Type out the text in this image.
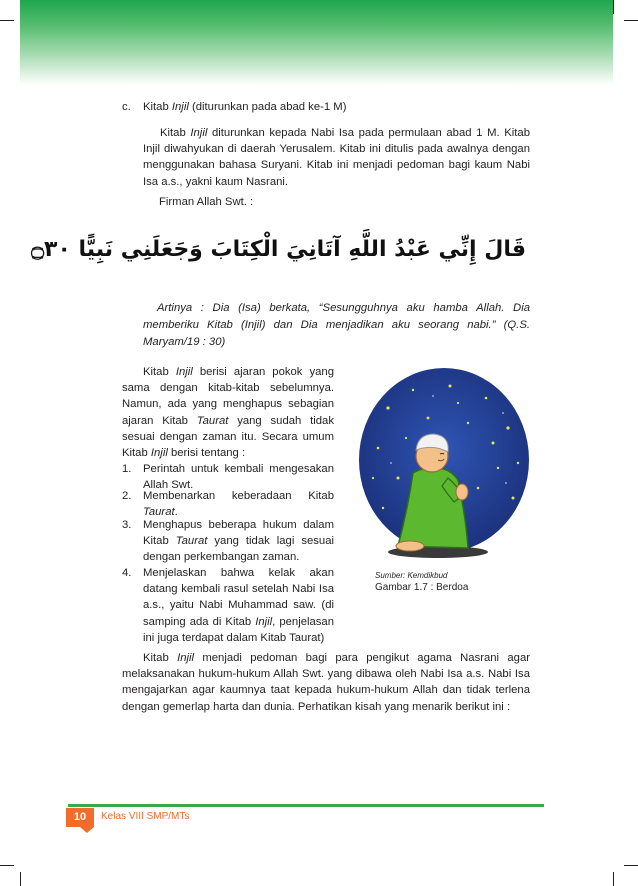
c. Kitab Injil (diturunkan pada abad ke-1 M)
Kitab Injil diturunkan kepada Nabi Isa pada permulaan abad 1 M. Kitab Injil diwahyukan di daerah Yerusalem. Kitab ini ditulis pada awalnya dengan menggunakan bahasa Suryani. Kitab ini menjadi pedoman bagi kaum Nabi Isa a.s., yakni kaum Nasrani.
Firman Allah Swt. :
قَالَ إِنِّي عَبْدُ اللَّهِ آتَانِيَ الْكِتَابَ وَجَعَلَنِي نَبِيًّا ۝٣٠
Artinya : Dia (Isa) berkata, “Sesungguhnya aku hamba Allah. Dia memberiku Kitab (Injil) dan Dia menjadikan aku seorang nabi.” (Q.S. Maryam/19 : 30)
Kitab Injil berisi ajaran pokok yang sama dengan kitab-kitab sebelumnya. Namun, ada yang menghapus sebagian ajaran Kitab Taurat yang sudah tidak sesuai dengan zaman itu. Secara umum Kitab Injil berisi tentang :
1. Perintah untuk kembali mengesakan Allah Swt.
2. Membenarkan keberadaan Kitab Taurat.
3. Menghapus beberapa hukum dalam Kitab Taurat yang tidak lagi sesuai dengan perkembangan zaman.
4. Menjelaskan bahwa kelak akan datang kembali rasul setelah Nabi Isa a.s., yaitu Nabi Muhammad saw. (di samping ada di Kitab Injil, penjelasan ini juga terdapat dalam Kitab Taurat)
Sumber: Kemdikbud
Gambar 1.7 : Berdoa
Kitab Injil menjadi pedoman bagi para pengikut agama Nasrani agar melaksanakan hukum-hukum Allah Swt. yang dibawa oleh Nabi Isa a.s. Nabi Isa mengajarkan agar kaumnya taat kepada hukum-hukum Allah dan tidak terlena dengan gemerlap harta dan dunia. Perhatikan kisah yang menarik berikut ini :
10	Kelas VIII SMP/MTs
